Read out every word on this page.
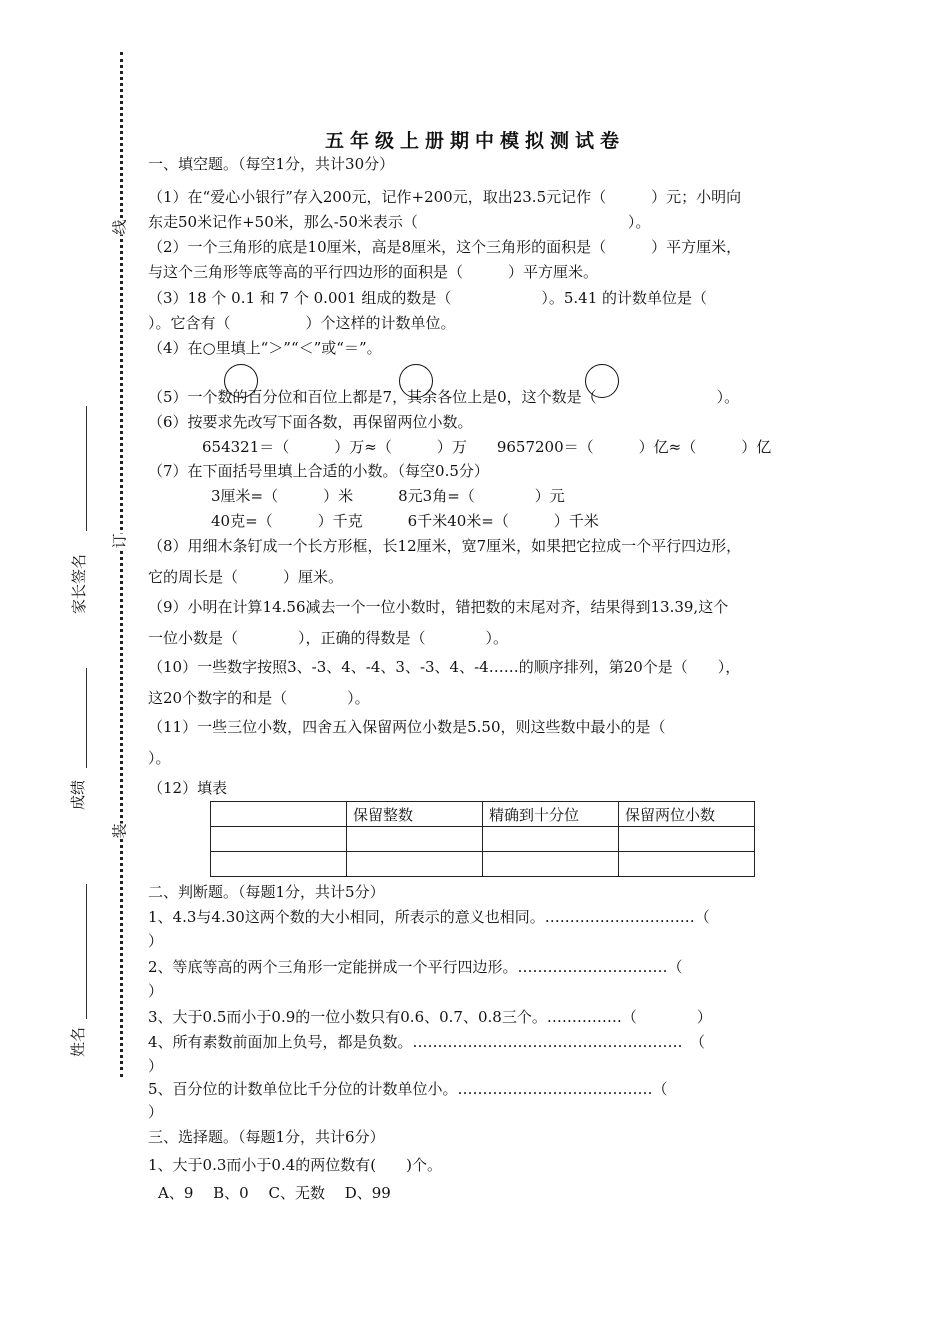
线
订
装
家长签名
成绩
姓名
五年级上册期中模拟测试卷
一、填空题。（每空1分，共计30分）
（1）在“爱心小银行”存入200元，记作+200元，取出23.5元记作（　　　）元；小明向
东走50米记作+50米，那么-50米表示（　　　　　　　　　　　　　　）。
（2）一个三角形的底是10厘米，高是8厘米，这个三角形的面积是（　　　）平方厘米，
与这个三角形等底等高的平行四边形的面积是（　　　）平方厘米。
（3）18 个 0.1 和 7 个 0.001 组成的数是（　　　　　　）。5.41 的计数单位是（
）。它含有（　　　　　）个这样的计数单位。
（4）在○里填上“＞”“＜”或“＝”。
（5）一个数的百分位和百位上都是7，其余各位上是0，这个数是（　　　　　　　　）。
（6）按要求先改写下面各数，再保留两位小数。
654321＝（　　　）万≈（　　　）万　　9657200＝（　　　）亿≈（　　　）亿
（7）在下面括号里填上合适的小数。（每空0.5分）
3厘米=（　　　）米　　　8元3角=（　　　　）元
40克=（　　　）千克　　　6千米40米=（　　　）千米
（8）用细木条钉成一个长方形框，长12厘米，宽7厘米，如果把它拉成一个平行四边形，
它的周长是（　　　）厘米。
（9）小明在计算14.56减去一个一位小数时，错把数的末尾对齐，结果得到13.39,这个
一位小数是（　　　　），正确的得数是（　　　　）。
（10）一些数字按照3、-3、4、-4、3、-3、4、-4……的顺序排列，第20个是（　　），
这20个数字的和是（　　　　）。
（11）一些三位小数，四舍五入保留两位小数是5.50，则这些数中最小的是（
）。
（12）填表
	保留整数	精确到十分位	保留两位小数

二、判断题。（每题1分，共计5分）
1、4.3与4.30这两个数的大小相同，所表示的意义也相同。…………………………（
）
2、等底等高的两个三角形一定能拼成一个平行四边形。…………………………（
）
3、大于0.5而小于0.9的一位小数只有0.6、0.7、0.8三个。……………（　　　　）
4、所有素数前面加上负号，都是负数。………………………………………………　（
）
5、百分位的计数单位比千分位的计数单位小。…………………………………（
）
三、选择题。（每题1分，共计6分）
1、大于0.3而小于0.4的两位数有(　　)个。
A、9　 B、0　 C、无数　 D、99
